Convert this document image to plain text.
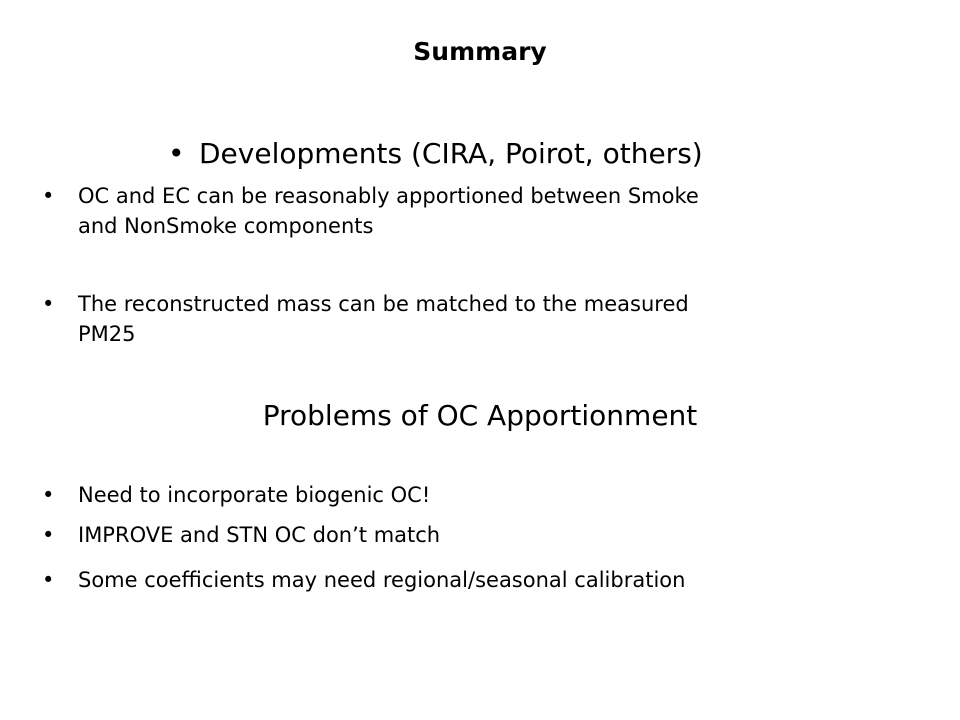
Summary
• Developments (CIRA, Poirot, others)
• OC and EC can be reasonably apportioned between Smoke
and NonSmoke components
• The reconstructed mass can be matched to the measured
PM25
Problems of OC Apportionment
• Need to incorporate biogenic OC!
• IMPROVE and STN OC don’t match
• Some coefficients may need regional/seasonal calibration
